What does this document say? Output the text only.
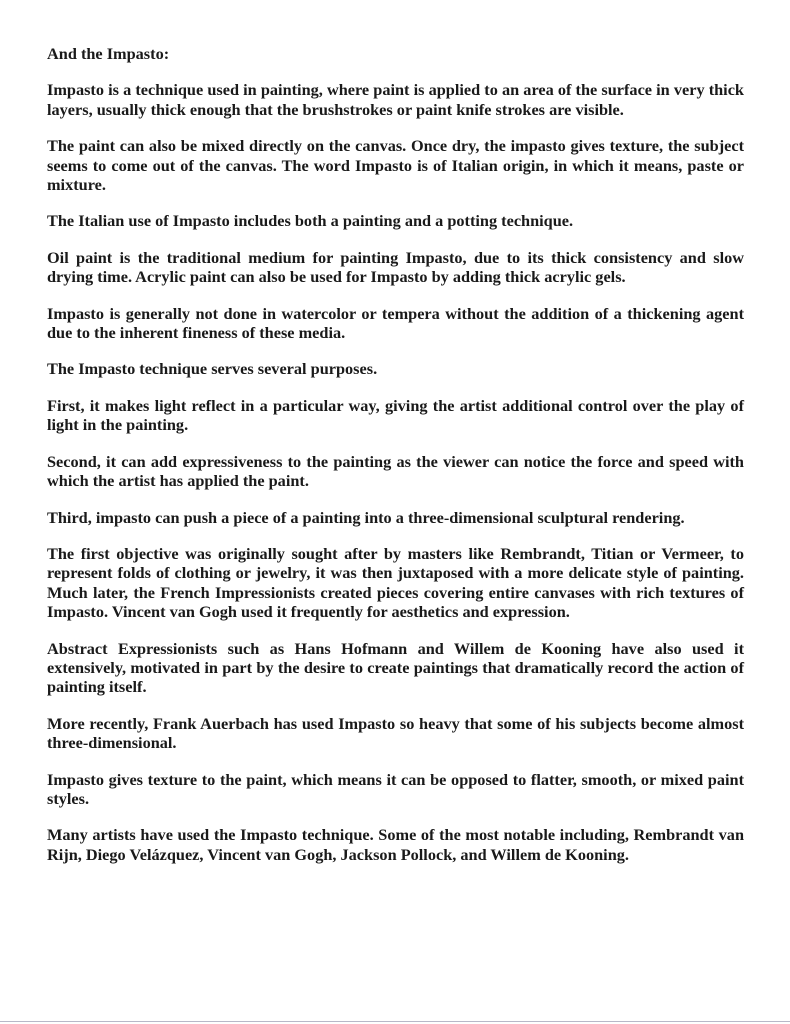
And the Impasto:

Impasto is a technique used in painting, where paint is applied to an area of the surface in very thick layers, usually thick enough that the brushstrokes or paint knife strokes are visible.

The paint can also be mixed directly on the canvas. Once dry, the impasto gives texture, the subject seems to come out of the canvas. The word Impasto is of Italian origin, in which it means, paste or mixture.

The Italian use of Impasto includes both a painting and a potting technique.

Oil paint is the traditional medium for painting Impasto, due to its thick consistency and slow drying time. Acrylic paint can also be used for Impasto by adding thick acrylic gels.

Impasto is generally not done in watercolor or tempera without the addition of a thickening agent due to the inherent fineness of these media.

The Impasto technique serves several purposes.

First, it makes light reflect in a particular way, giving the artist additional control over the play of light in the painting.

Second, it can add expressiveness to the painting as the viewer can notice the force and speed with which the artist has applied the paint.

Third, impasto can push a piece of a painting into a three-dimensional sculptural rendering.

The first objective was originally sought after by masters like Rembrandt, Titian or Vermeer, to represent folds of clothing or jewelry, it was then juxtaposed with a more delicate style of painting. Much later, the French Impressionists created pieces covering entire canvases with rich textures of Impasto. Vincent van Gogh used it frequently for aesthetics and expression.

Abstract Expressionists such as Hans Hofmann and Willem de Kooning have also used it extensively, motivated in part by the desire to create paintings that dramatically record the action of painting itself.

More recently, Frank Auerbach has used Impasto so heavy that some of his subjects become almost three-dimensional.

Impasto gives texture to the paint, which means it can be opposed to flatter, smooth, or mixed paint styles.

Many artists have used the Impasto technique. Some of the most notable including, Rembrandt van Rijn, Diego Velázquez, Vincent van Gogh, Jackson Pollock, and Willem de Kooning.
